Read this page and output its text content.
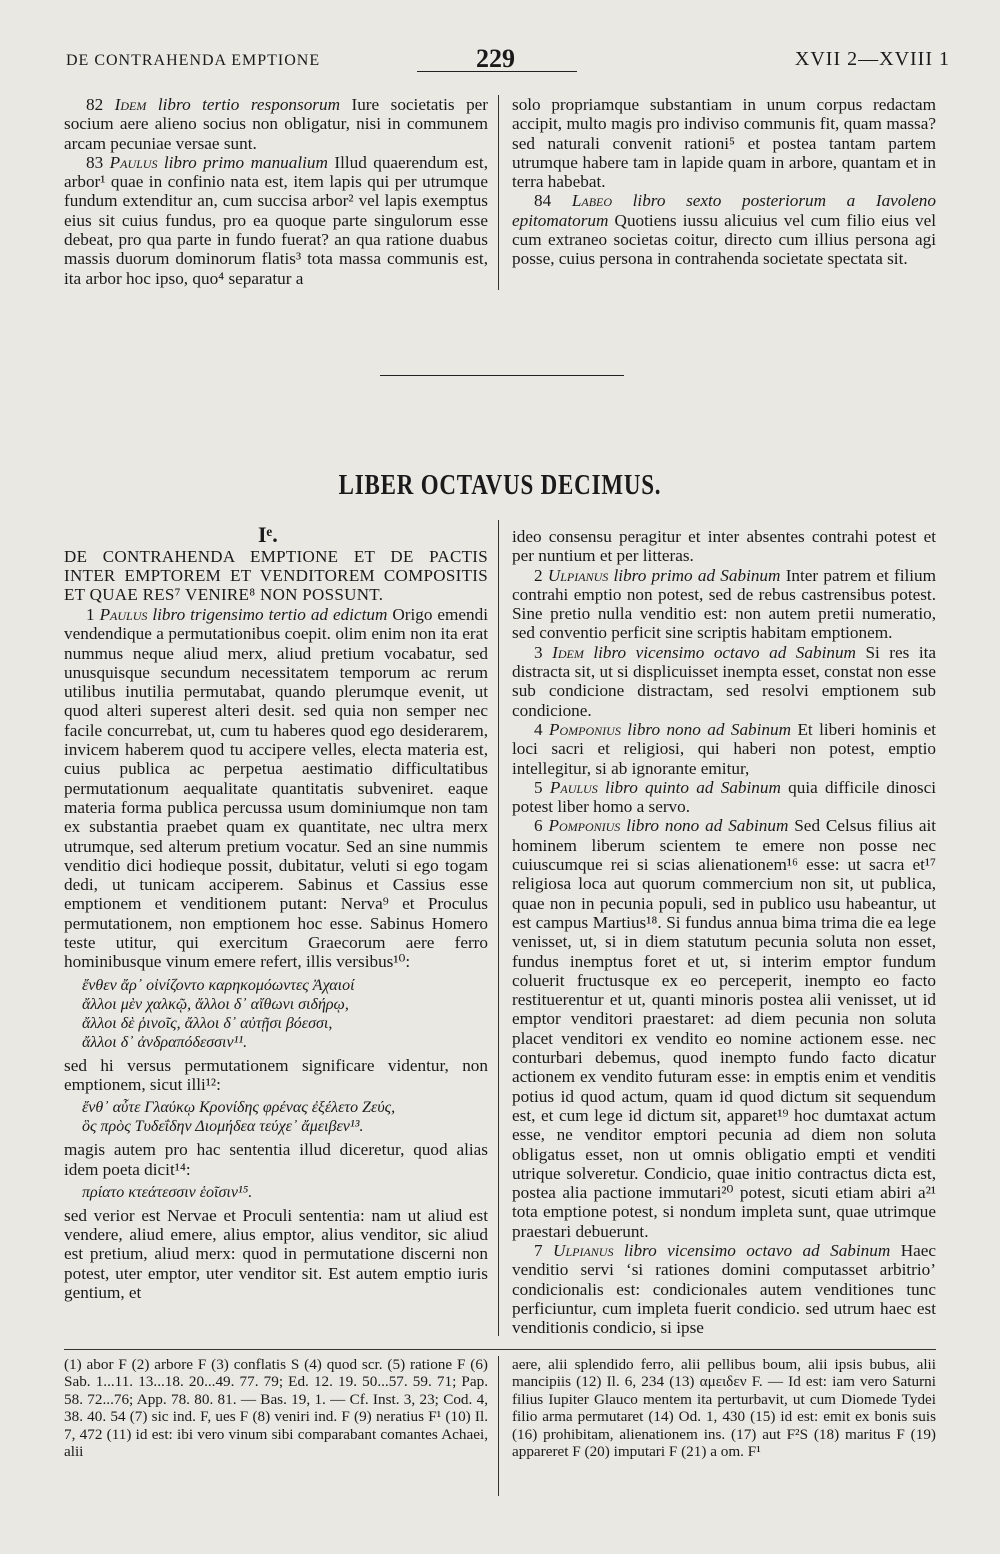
DE CONTRAHENDA EMPTIONE	229	XVII 2—XVIII 1

82 Idem libro tertio responsorum Iure societatis per socium aere alieno socius non obligatur, nisi in communem arcam pecuniae versae sunt.

83 Paulus libro primo manualium Illud quaerendum est, arbor¹ quae in confinio nata est, item lapis qui per utrumque fundum extenditur an, cum succisa arbor² vel lapis exemptus eius sit cuius fundus, pro ea quoque parte singulorum esse debeat, pro qua parte in fundo fuerat? an qua ratione duabus massis duorum dominorum flatis³ tota massa communis est, ita arbor hoc ipso, quo⁴ separatur a

solo propriamque substantiam in unum corpus redactam accipit, multo magis pro indiviso communis fit, quam massa? sed naturali convenit rationi⁵ et postea tantam partem utrumque habere tam in lapide quam in arbore, quantam et in terra habebat.

84 Labeo libro sexto posteriorum a Iavoleno epitomatorum Quotiens iussu alicuius vel cum filio eius vel cum extraneo societas coitur, directo cum illius persona agi posse, cuius persona in contrahenda societate spectata sit.

LIBER OCTAVUS DECIMUS.
Iᵉ.
DE CONTRAHENDA EMPTIONE ET DE PACTIS INTER EMPTOREM ET VENDITOREM COMPOSITIS ET QUAE RES⁷ VENIRE⁸ NON POSSUNT.

1 Paulus libro trigensimo tertio ad edictum Origo emendi vendendique a permutationibus coepit. olim enim non ita erat nummus neque aliud merx, aliud pretium vocabatur, sed unusquisque secundum necessitatem temporum ac rerum utilibus inutilia permutabat, quando plerumque evenit, ut quod alteri superest alteri desit. sed quia non semper nec facile concurrebat, ut, cum tu haberes quod ego desiderarem, invicem haberem quod tu accipere velles, electa materia est, cuius publica ac perpetua aestimatio difficultatibus permutationum aequalitate quantitatis subveniret. eaque materia forma publica percussa usum dominiumque non tam ex substantia praebet quam ex quantitate, nec ultra merx utrumque, sed alterum pretium vocatur. Sed an sine nummis venditio dici hodieque possit, dubitatur, veluti si ego togam dedi, ut tunicam acciperem. Sabinus et Cassius esse emptionem et venditionem putant: Nerva⁹ et Proculus permutationem, non emptionem hoc esse. Sabinus Homero teste utitur, qui exercitum Graecorum aere ferro hominibusque vinum emere refert, illis versibus¹⁰:

ἔνθεν ἄρ᾽ οἰνίζοντο καρηκομόωντες Ἀχαιοί
ἄλλοι μὲν χαλκῷ, ἄλλοι δ᾽ αἴθωνι σιδήρῳ,
ἄλλοι δὲ ῥινοῖς, ἄλλοι δ᾽ αὐτῇσι βόεσσι,
ἄλλοι δ᾽ ἀνδραπόδεσσιν¹¹.

sed hi versus permutationem significare videntur, non emptionem, sicut illi¹²:

ἔνθ᾽ αὖτε Γλαύκῳ Κρονίδης φρένας ἐξέλετο Ζεύς,
ὃς πρὸς Τυδεΐδην Διομήδεα τεύχε᾽ ἄμειβεν¹³.

magis autem pro hac sententia illud diceretur, quod alias idem poeta dicit¹⁴:

πρίατο κτεάτεσσιν ἑοῖσιν¹⁵.

sed verior est Nervae et Proculi sententia: nam ut aliud est vendere, aliud emere, alius emptor, alius venditor, sic aliud est pretium, aliud merx: quod in permutatione discerni non potest, uter emptor, uter venditor sit. Est autem emptio iuris gentium, et

ideo consensu peragitur et inter absentes contrahi potest et per nuntium et per litteras.

2 Ulpianus libro primo ad Sabinum Inter patrem et filium contrahi emptio non potest, sed de rebus castrensibus potest. Sine pretio nulla venditio est: non autem pretii numeratio, sed conventio perficit sine scriptis habitam emptionem.

3 Idem libro vicensimo octavo ad Sabinum Si res ita distracta sit, ut si displicuisset inempta esset, constat non esse sub condicione distractam, sed resolvi emptionem sub condicione.

4 Pomponius libro nono ad Sabinum Et liberi hominis et loci sacri et religiosi, qui haberi non potest, emptio intellegitur, si ab ignorante emitur,

5 Paulus libro quinto ad Sabinum quia difficile dinosci potest liber homo a servo.

6 Pomponius libro nono ad Sabinum Sed Celsus filius ait hominem liberum scientem te emere non posse nec cuiuscumque rei si scias alienationem¹⁶ esse: ut sacra et¹⁷ religiosa loca aut quorum commercium non sit, ut publica, quae non in pecunia populi, sed in publico usu habeantur, ut est campus Martius¹⁸. Si fundus annua bima trima die ea lege venisset, ut, si in diem statutum pecunia soluta non esset, fundus inemptus foret et ut, si interim emptor fundum coluerit fructusque ex eo perceperit, inempto eo facto restituerentur et ut, quanti minoris postea alii venisset, ut id emptor venditori praestaret: ad diem pecunia non soluta placet venditori ex vendito eo nomine actionem esse. nec conturbari debemus, quod inempto fundo facto dicatur actionem ex vendito futuram esse: in emptis enim et venditis potius id quod actum, quam id quod dictum sit sequendum est, et cum lege id dictum sit, apparet¹⁹ hoc dumtaxat actum esse, ne venditor emptori pecunia ad diem non soluta obligatus esset, non ut omnis obligatio empti et venditi utrique solveretur. Condicio, quae initio contractus dicta est, postea alia pactione immutari²⁰ potest, sicuti etiam abiri a²¹ tota emptione potest, si nondum impleta sunt, quae utrimque praestari debuerunt.

7 Ulpianus libro vicensimo octavo ad Sabinum Haec venditio servi ‘si rationes domini computasset arbitrio’ condicionalis est: condicionales autem venditiones tunc perficiuntur, cum impleta fuerit condicio. sed utrum haec est venditionis condicio, si ipse

(1) abor F (2) arbore F (3) conflatis S (4) quod scr. (5) ratione F (6) Sab. 1...11. 13...18. 20...49. 77. 79; Ed. 12. 19. 50...57. 59. 71; Pap. 58. 72...76; App. 78. 80. 81. — Bas. 19, 1. — Cf. Inst. 3, 23; Cod. 4, 38. 40. 54 (7) sic ind. F, ues F (8) veniri ind. F (9) neratius F¹ (10) Il. 7, 472 (11) id est: ibi vero vinum sibi comparabant comantes Achaei, alii
aere, alii splendido ferro, alii pellibus boum, alii ipsis bubus, alii mancipiis (12) Il. 6, 234 (13) αμειδεν F. — Id est: iam vero Saturni filius Iupiter Glauco mentem ita perturbavit, ut cum Diomede Tydei filio arma permutaret (14) Od. 1, 430 (15) id est: emit ex bonis suis (16) prohibitam, alienationem ins. (17) aut F²S (18) maritus F (19) appareret F (20) imputari F (21) a om. F¹
